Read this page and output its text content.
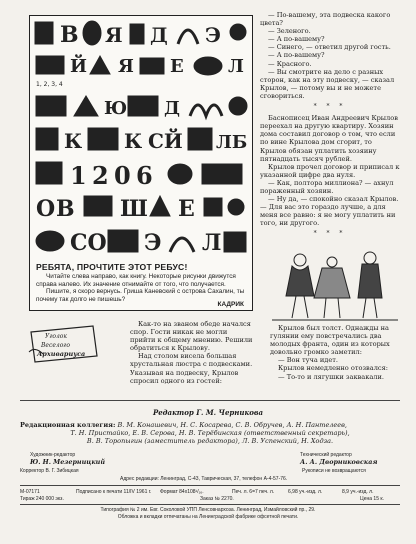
В Я Д Э
Й Я Е Л
1, 2, 3, 4
Ю Д
К К СЙ ЛБ
1 2 0 6
О В Ш Е
СО Э Л
РЕБЯТА, ПРОЧТИТЕ ЭТОТ РЕБУС!
Читайте слева направо, как книгу. Некоторые рисунки движутся справа налево. Их значение отнимайте от того, что получается.
Пишите, я скоро вернусь. Гриша Каневский с острова Сахалин, ты почему так долго не пишешь?
КАДРИК

— По-вашему, эта подвеска какого цвета?

— Зеленого.

— А по-вашему?

— Синего, — ответил другой гость.

— А по-вашему?

— Красного.

— Вы смотрите на дело с разных сторон, как на эту подвеску, — сказал Крылов, — потому вы и не можете сговориться.

* * *

Баснописец Иван Андреевич Крылов переехал на другую квартиру. Хозяин дома составил договор о том, что если по вине Крылова дом сгорит, то Крылов обязан уплатить хозяину пятнадцать тысяч рублей.

Крылов прочел договор и приписал к указанной цифре два нуля.

— Как, полтора миллиона? — ахнул пораженный хозяин.

— Ну да, — спокойно сказал Крылов. — Для вас это гораздо лучше, а для меня все равно: я не могу уплатить ни того, ни другого.

* * *
Уголок
Веселого
Архивариуса

Как-то на званом обеде начался спор. Гости никак не могли прийти к общему мнению. Решили обратиться к Крылову.

Над столом висела большая хрустальная люстра с подвесками. Указывая на подвеску, Крылов спросил одного из гостей:

Крылов был толст. Однажды на гулянии ему повстречались два молодых франта, один из которых довольно громко заметил:

— Вон туча идет.

Крылов немедленно отозвался:

— То-то и лягушки заквакали.

Редактор Г. М. Черникова
Редакционная коллегия: В. М. Конашевич, Н. С. Косарева, С. В. Обручев, А. Н. Пантелеев,
Т. Н. Пристайко, Е. В. Серова, Н. В. Терёбинская (ответственный секретарь),
В. В. Торопыгин (заместитель редактора), Л. В. Успенский, Н. Ходза.
Художник-редактор
Ю. Н. Мезерницкий
Корректор В. Г. Зибицкая
Технический редактор
А. А. Дворниковская
Рукописи не возвращаются
Адрес редакции: Ленинград, С-43, Таврическая, 37, телефон А-4-57-76.
М-07171	Подписано к печати 11/IV 1961 г. Формат 84х108¹/₁₆.	Печ. л. 6=7 печ. л.	6,98 уч.-изд. л.	8,9 уч.-изд. л.
Тираж 240 000 экз.	Заказ № 2270.	Цена 15 к.
Типография № 2 им. Евг. Соколовой УПП Ленсовнархоза. Ленинград, Измайловский пр., 29.
Обложка и вкладки отпечатаны на Ленинградской фабрике офсетной печати.
